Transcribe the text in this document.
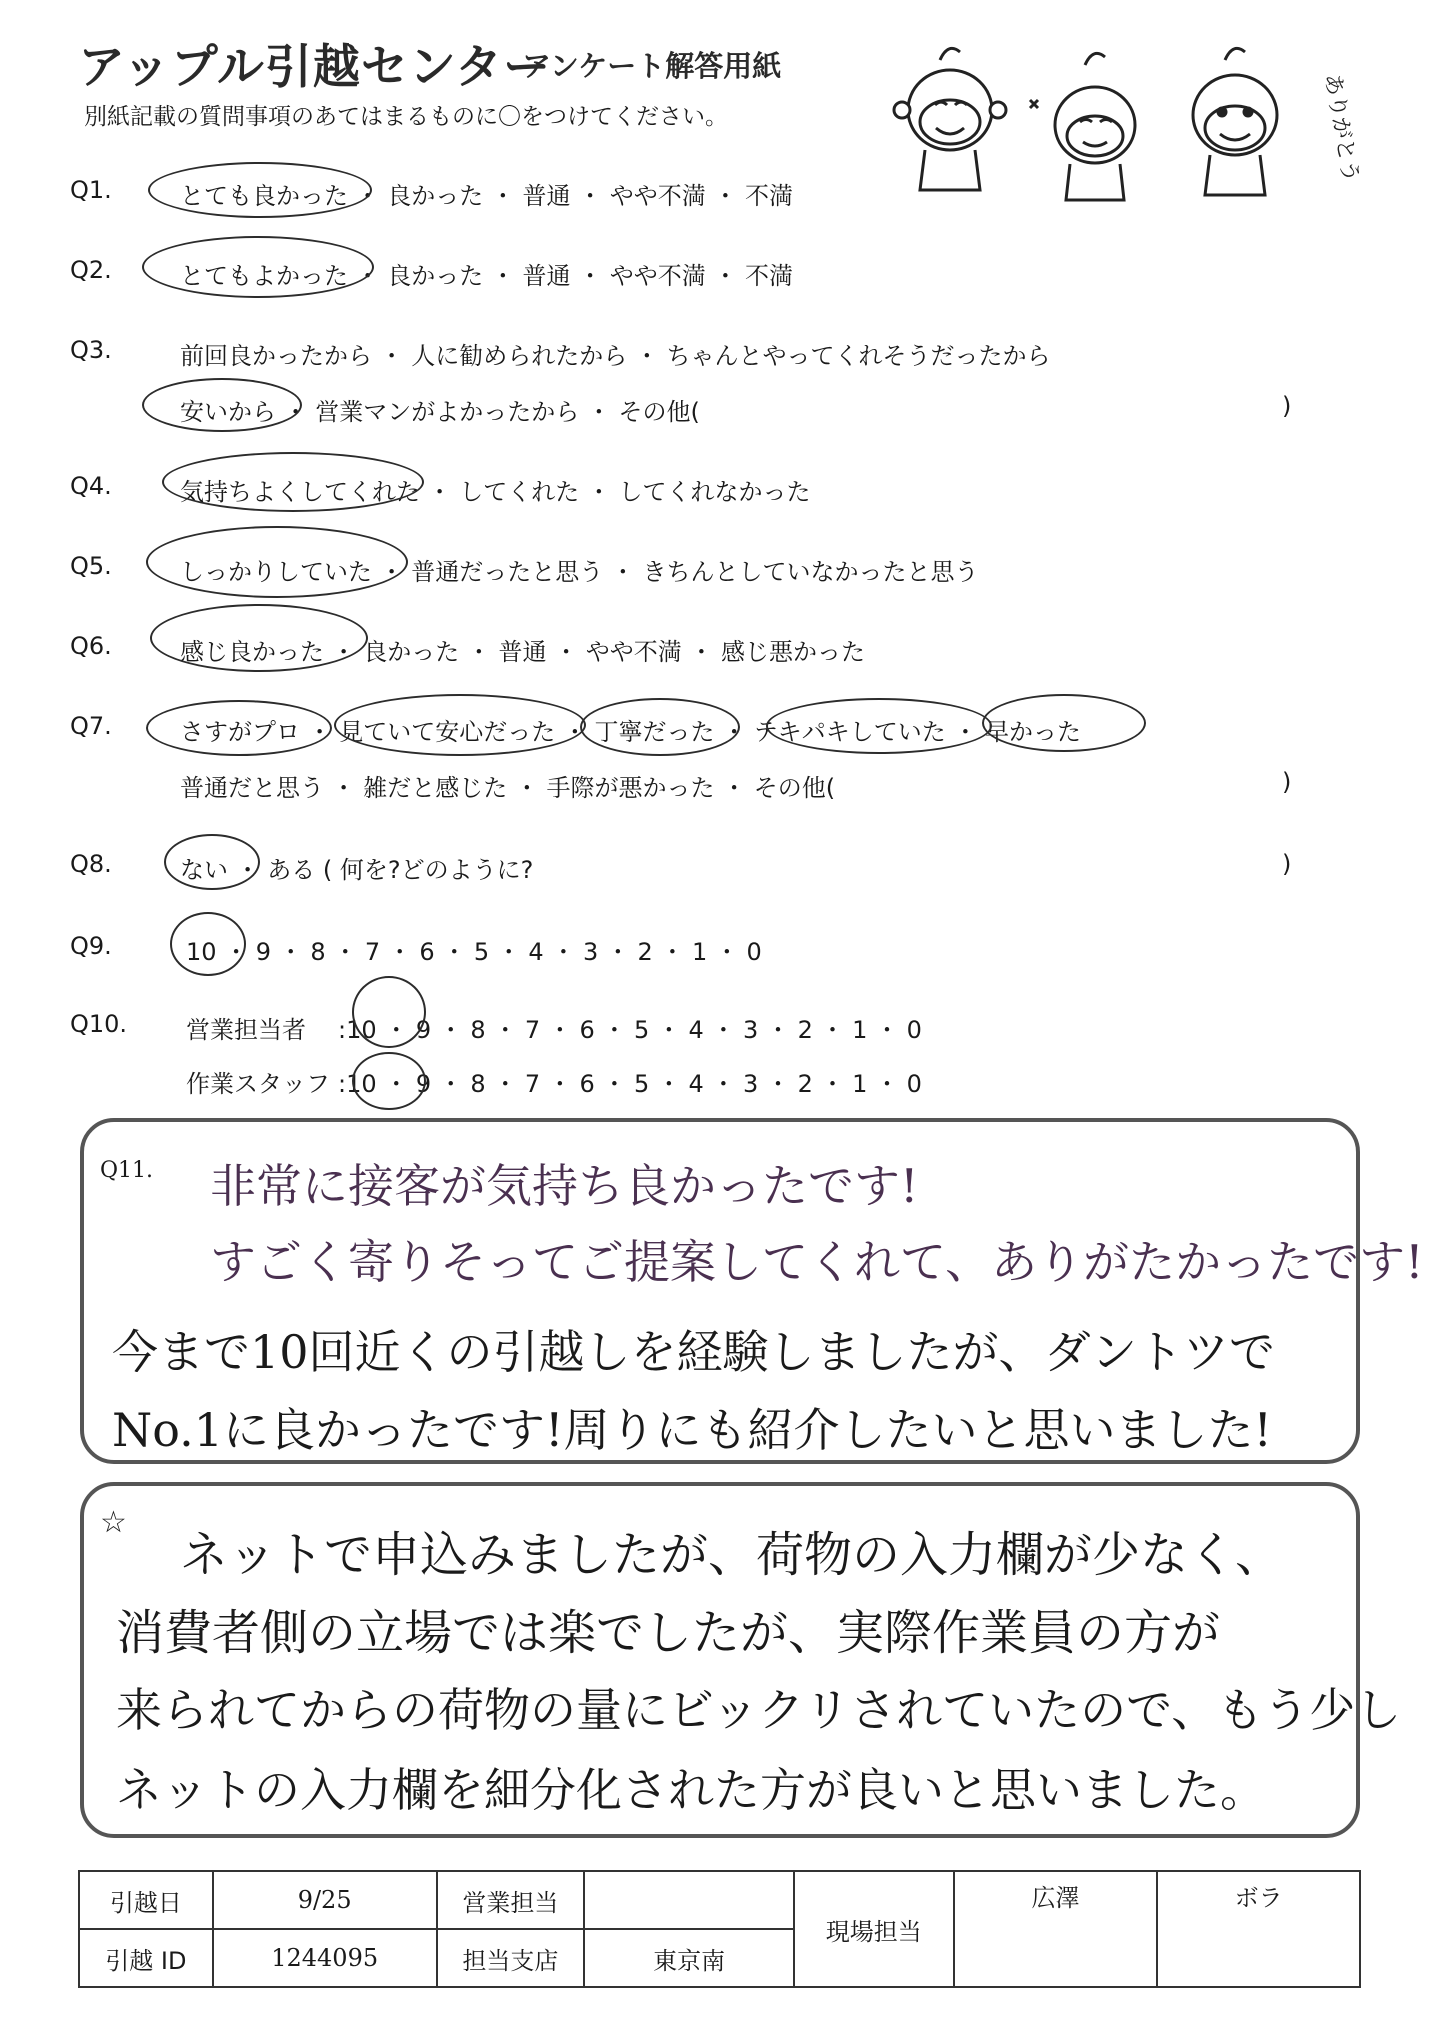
アップル引越センター
アンケート解答用紙
別紙記載の質問事項のあてはまるものに〇をつけてください。	ありがとう
Q1.	とても良かった ・ 良かった ・ 普通 ・ やや不満 ・ 不満
Q2.	とてもよかった ・ 良かった ・ 普通 ・ やや不満 ・ 不満
Q3.	前回良かったから ・ 人に勧められたから ・ ちゃんとやってくれそうだったから
安いから ・ 営業マンがよかったから ・ その他(	)
Q4.	気持ちよくしてくれた ・ してくれた ・ してくれなかった
Q5.	しっかりしていた ・ 普通だったと思う ・ きちんとしていなかったと思う
Q6.	感じ良かった ・ 良かった ・ 普通 ・ やや不満 ・ 感じ悪かった
Q7.	さすがプロ ・ 見ていて安心だった ・ 丁寧だった ・ テキパキしていた ・ 早かった
普通だと思う ・ 雑だと感じた ・ 手際が悪かった ・ その他(	)
Q8.	ない ・ ある ( 何を?どのように?	)
Q9.	10 ・ 9 ・ 8 ・ 7 ・ 6 ・ 5 ・ 4 ・ 3 ・ 2 ・ 1 ・ 0
Q10. 営業担当者 :10 ・ 9 ・ 8 ・ 7 ・ 6 ・ 5 ・ 4 ・ 3 ・ 2 ・ 1 ・ 0
作業スタッフ :10 ・ 9 ・ 8 ・ 7 ・ 6 ・ 5 ・ 4 ・ 3 ・ 2 ・ 1 ・ 0
Q11. 非常に接客が気持ち良かったです!
すごく寄りそってご提案してくれて、ありがたかったです!
今まで10回近くの引越しを経験しましたが、ダントツで
No.1に良かったです!周りにも紹介したいと思いました!
☆
ネットで申込みましたが、荷物の入力欄が少なく、
消費者側の立場では楽でしたが、実際作業員の方が
来られてからの荷物の量にビックリされていたので、もう少し
ネットの入力欄を細分化された方が良いと思いました。
引越日	9/25	営業担当		現場担当	広澤	ボラ
引越 ID	1244095	担当支店	東京南			
